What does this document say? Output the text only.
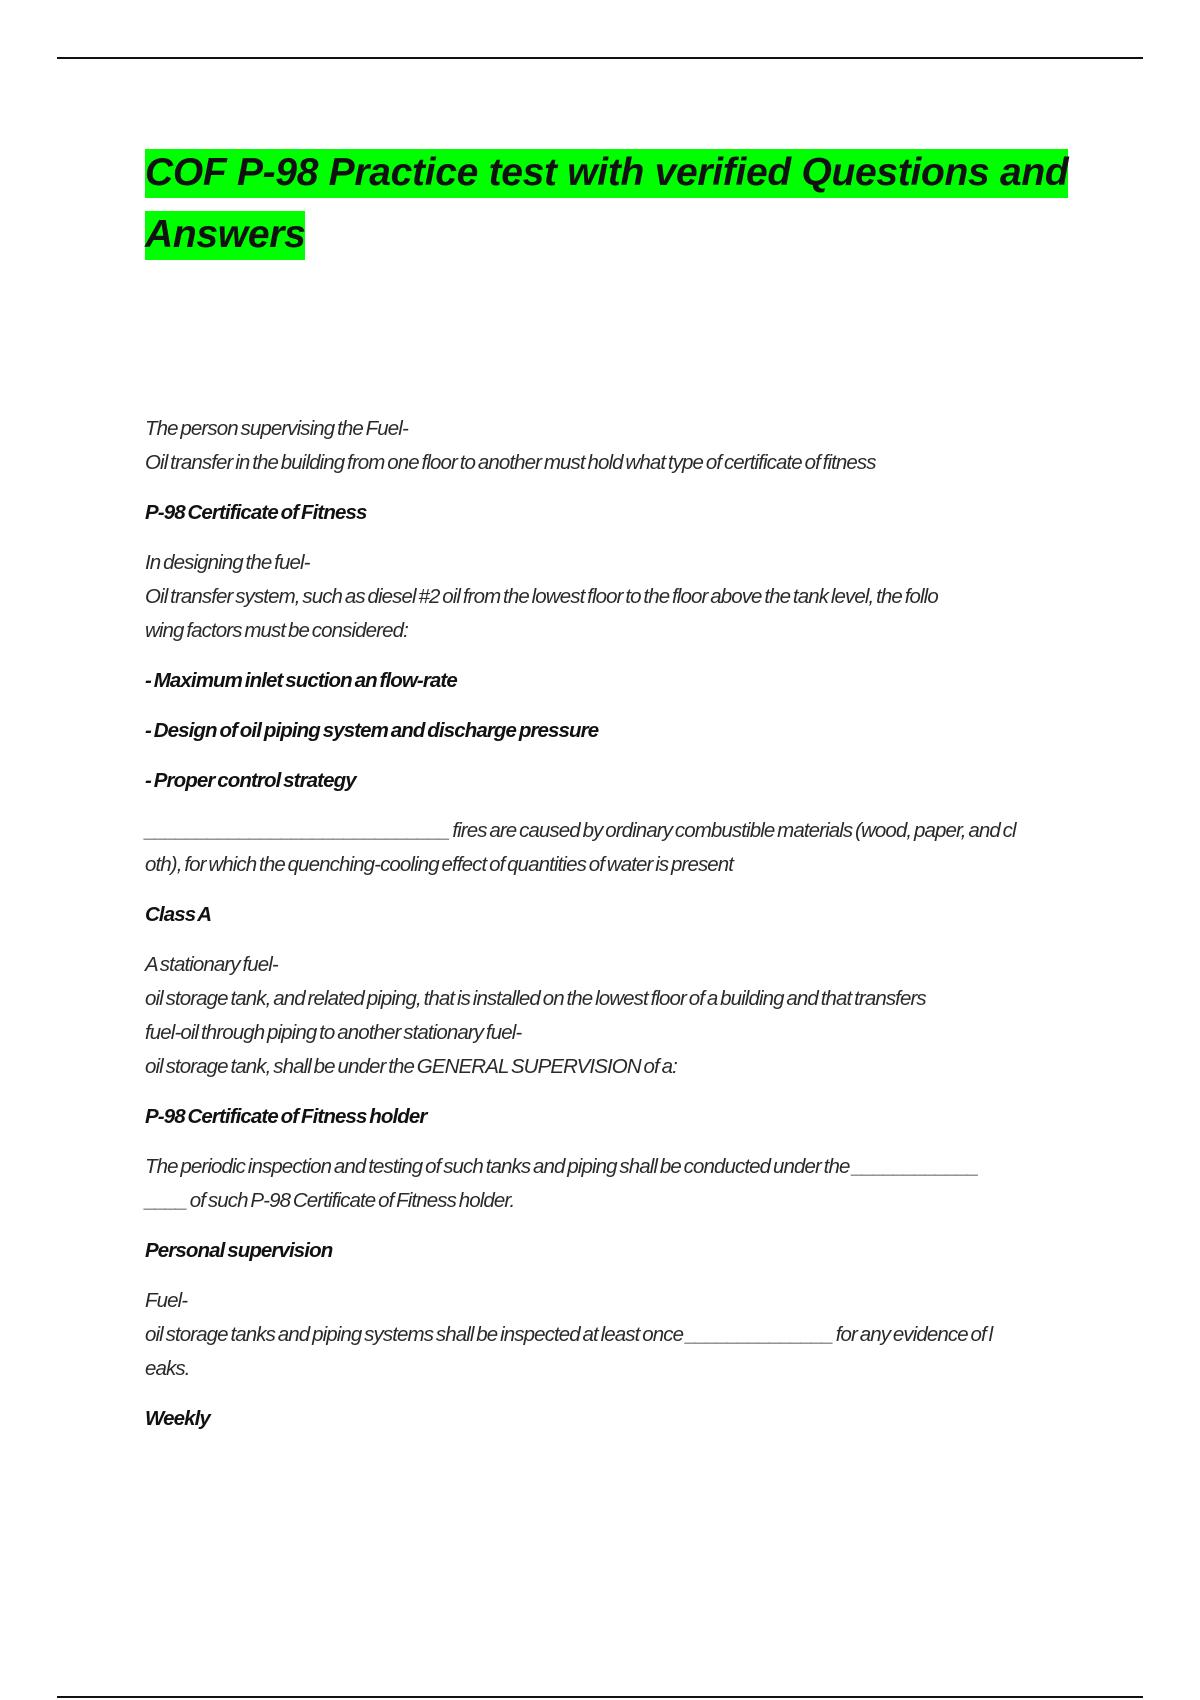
COF P-98 Practice test with verified Questions and
Answers

The person supervising the Fuel-
Oil transfer in the building from one floor to another must hold what type of certificate of fitness

P-98 Certificate of Fitness

In designing the fuel-
Oil transfer system, such as diesel #2 oil from the lowest floor to the floor above the tank level, the follo
wing factors must be considered:

- Maximum inlet suction an flow-rate

- Design of oil piping system and discharge pressure

- Proper control strategy

_____________________________ fires are caused by ordinary combustible materials (wood, paper, and cl
oth), for which the quenching-cooling effect of quantities of water is present

Class A

A stationary fuel-
oil storage tank, and related piping, that is installed on the lowest floor of a building and that transfers
fuel-oil through piping to another stationary fuel-
oil storage tank, shall be under the GENERAL SUPERVISION of a:

P-98 Certificate of Fitness holder

The periodic inspection and testing of such tanks and piping shall be conducted under the ____________
____ of such P-98 Certificate of Fitness holder.

Personal supervision

Fuel-
oil storage tanks and piping systems shall be inspected at least once ______________ for any evidence of l
eaks.

Weekly
